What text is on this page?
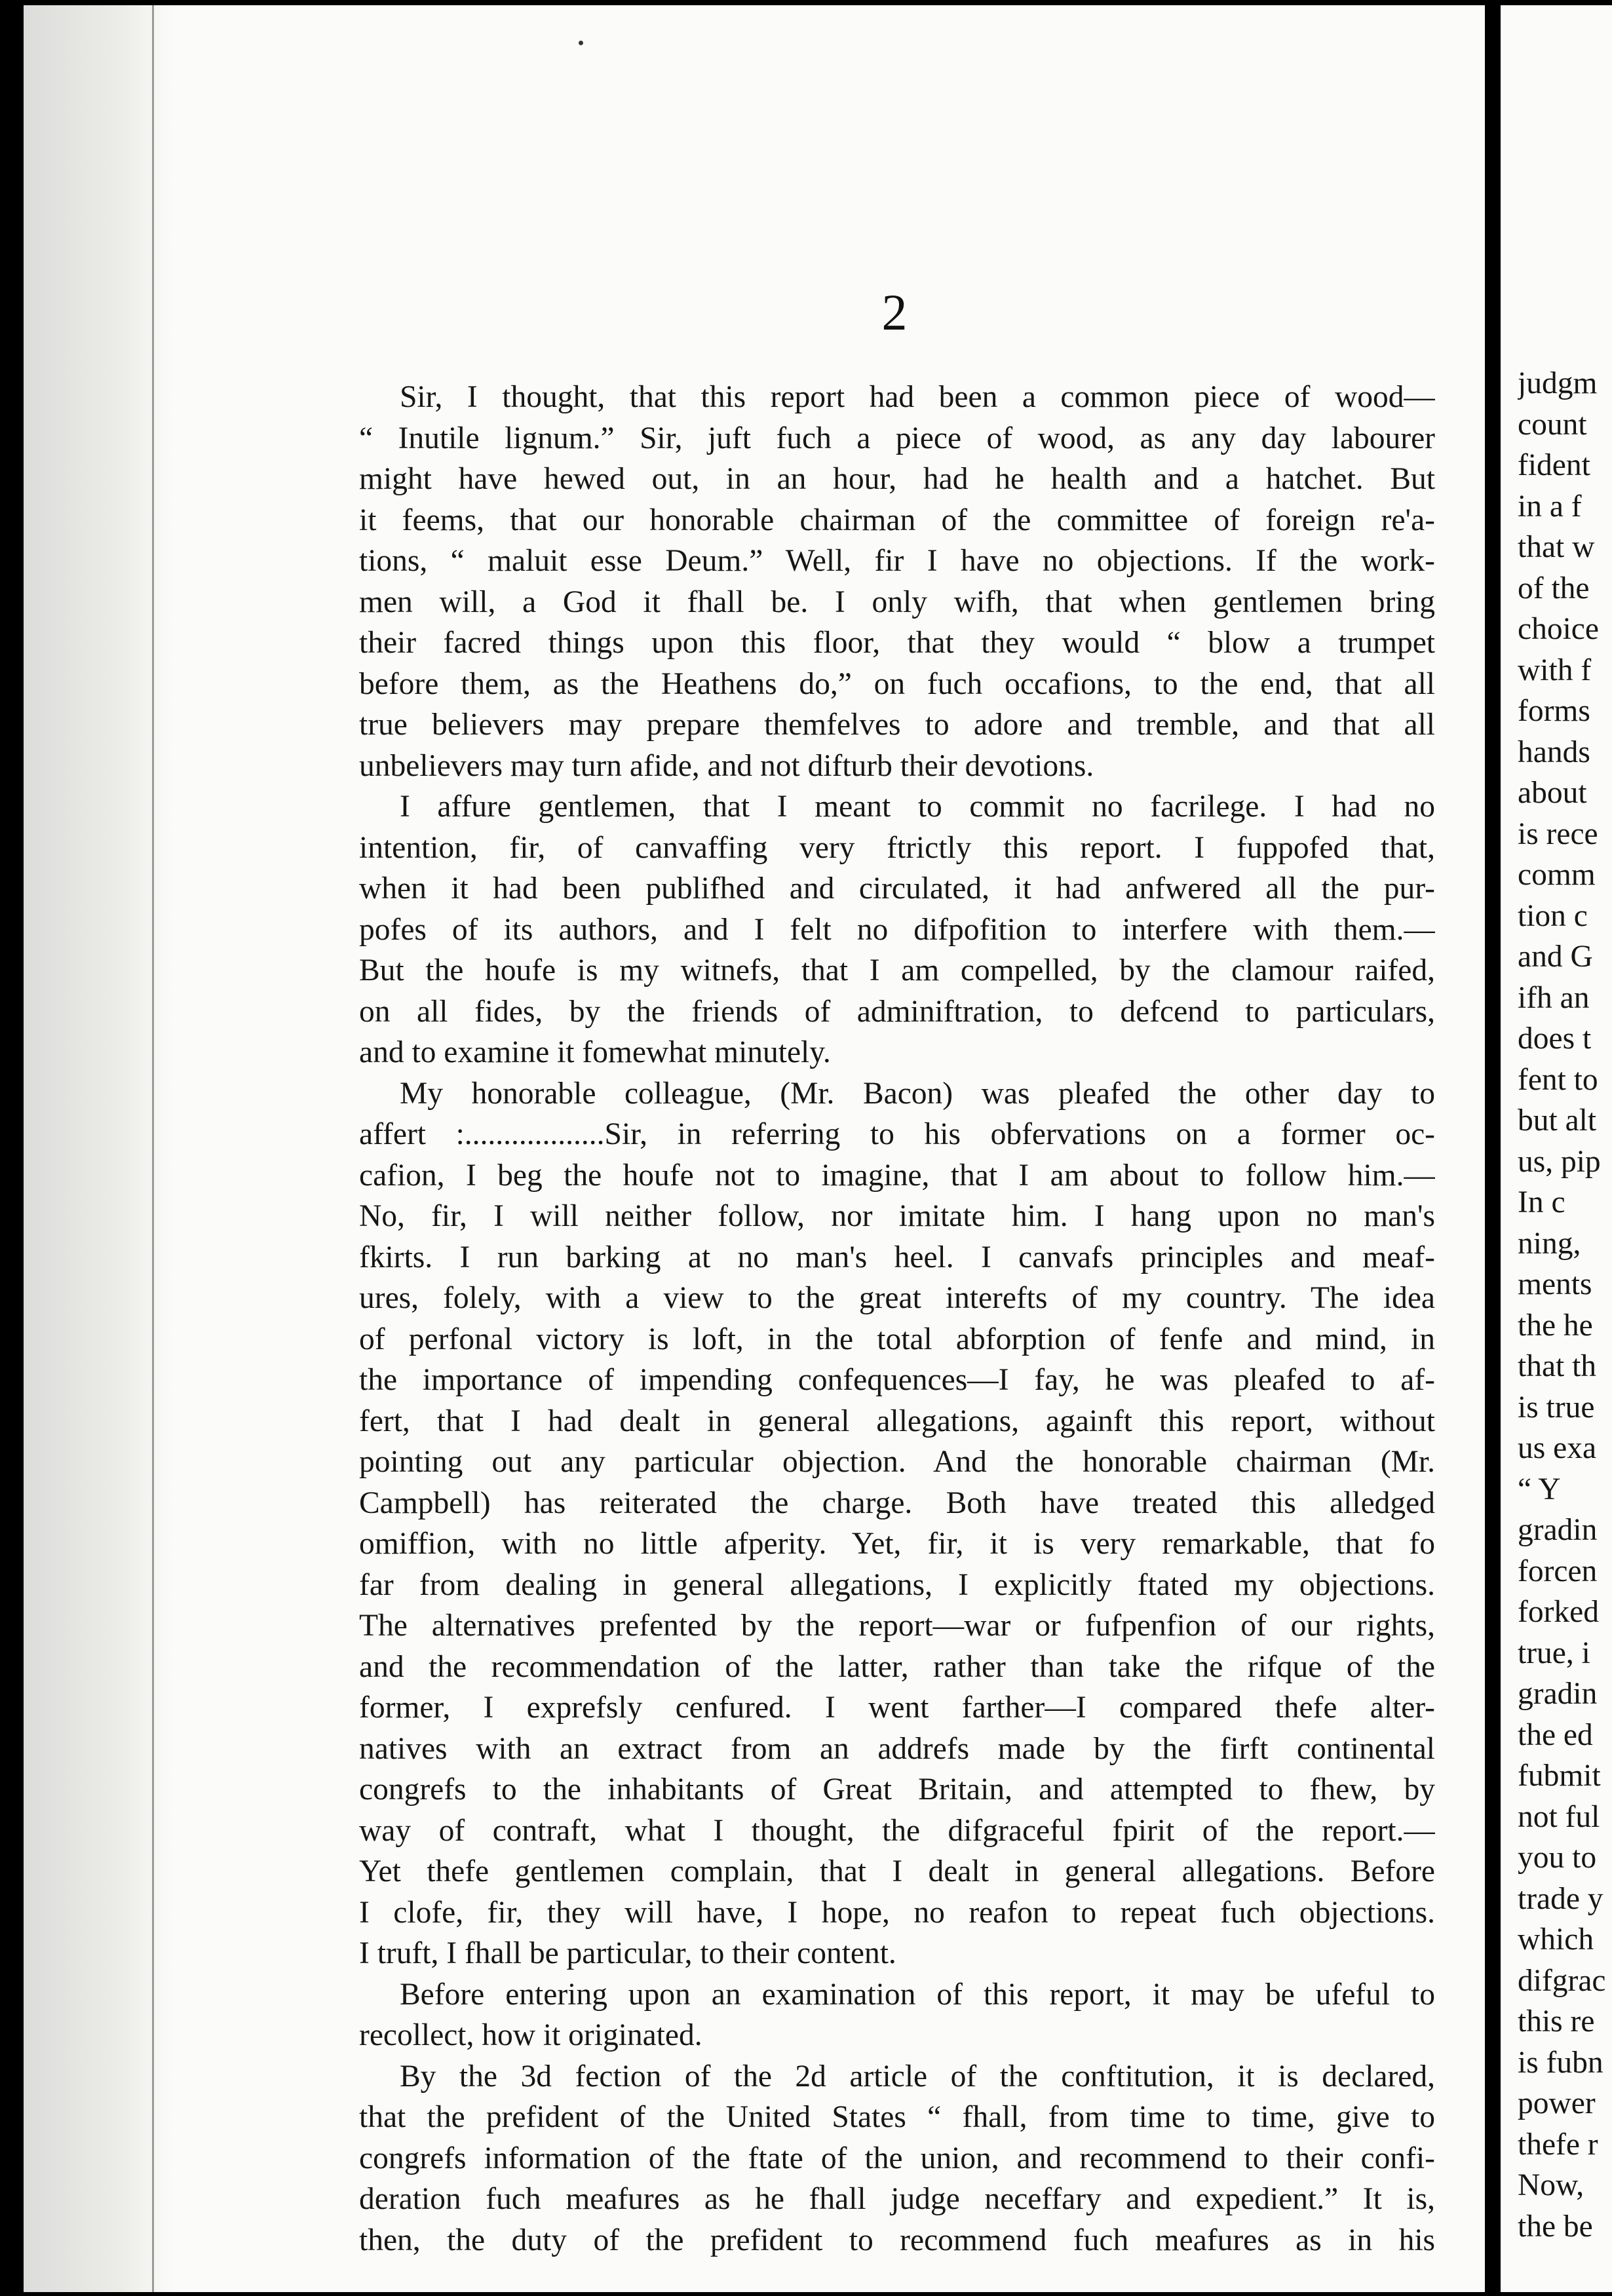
2
Sir, I thought, that this report had been a common piece of wood—
“ Inutile lignum.” Sir, juft fuch a piece of wood, as any day labourer
might have hewed out, in an hour, had he health and a hatchet. But
it feems, that our honorable chairman of the committee of foreign re'a-
tions, “ maluit esse Deum.” Well, fir I have no objections. If the work-
men will, a God it fhall be. I only wifh, that when gentlemen bring
their facred things upon this floor, that they would “ blow a trumpet
before them, as the Heathens do,” on fuch occafions, to the end, that all
true believers may prepare themfelves to adore and tremble, and that all
unbelievers may turn afide, and not difturb their devotions.
I affure gentlemen, that I meant to commit no facrilege. I had no
intention, fir, of canvaffing very ftrictly this report. I fuppofed that,
when it had been publifhed and circulated, it had anfwered all the pur-
pofes of its authors, and I felt no difpofition to interfere with them.—
But the houfe is my witnefs, that I am compelled, by the clamour raifed,
on all fides, by the friends of adminiftration, to defcend to particulars,
and to examine it fomewhat minutely.
My honorable colleague, (Mr. Bacon) was pleafed the other day to
affert :..................Sir, in referring to his obfervations on a former oc-
cafion, I beg the houfe not to imagine, that I am about to follow him.—
No, fir, I will neither follow, nor imitate him. I hang upon no man's
fkirts. I run barking at no man's heel. I canvafs principles and meaf-
ures, folely, with a view to the great interefts of my country. The idea
of perfonal victory is loft, in the total abforption of fenfe and mind, in
the importance of impending confequences—I fay, he was pleafed to af-
fert, that I had dealt in general allegations, againft this report, without
pointing out any particular objection. And the honorable chairman (Mr.
Campbell) has reiterated the charge. Both have treated this alledged
omiffion, with no little afperity. Yet, fir, it is very remarkable, that fo
far from dealing in general allegations, I explicitly ftated my objections.
The alternatives prefented by the report—war or fufpenfion of our rights,
and the recommendation of the latter, rather than take the rifque of the
former, I exprefsly cenfured. I went farther—I compared thefe alter-
natives with an extract from an addrefs made by the firft continental
congrefs to the inhabitants of Great Britain, and attempted to fhew, by
way of contraft, what I thought, the difgraceful fpirit of the report.—
Yet thefe gentlemen complain, that I dealt in general allegations. Before
I clofe, fir, they will have, I hope, no reafon to repeat fuch objections.
I truft, I fhall be particular, to their content.
Before entering upon an examination of this report, it may be ufeful to
recollect, how it originated.
By the 3d fection of the 2d article of the conftitution, it is declared,
that the prefident of the United States “ fhall, from time to time, give to
congrefs information of the ftate of the union, and recommend to their confi-
deration fuch meafures as he fhall judge neceffary and expedient.” It is,
then, the duty of the prefident to recommend fuch meafures as in his
judgm
count
fident
in a f
that w
of the
choice
with f
forms
hands
about
is rece
comm
tion c
and G
ifh an
does t
fent to
but alt
us, pip
In c
ning,
ments
the he
that th
is true
us exa
“ Y
gradin
forcen
forked
true, i
gradin
the ed
fubmit
not ful
you to
trade y
which
difgrac
this re
is fubn
power
thefe r
Now,
the be
